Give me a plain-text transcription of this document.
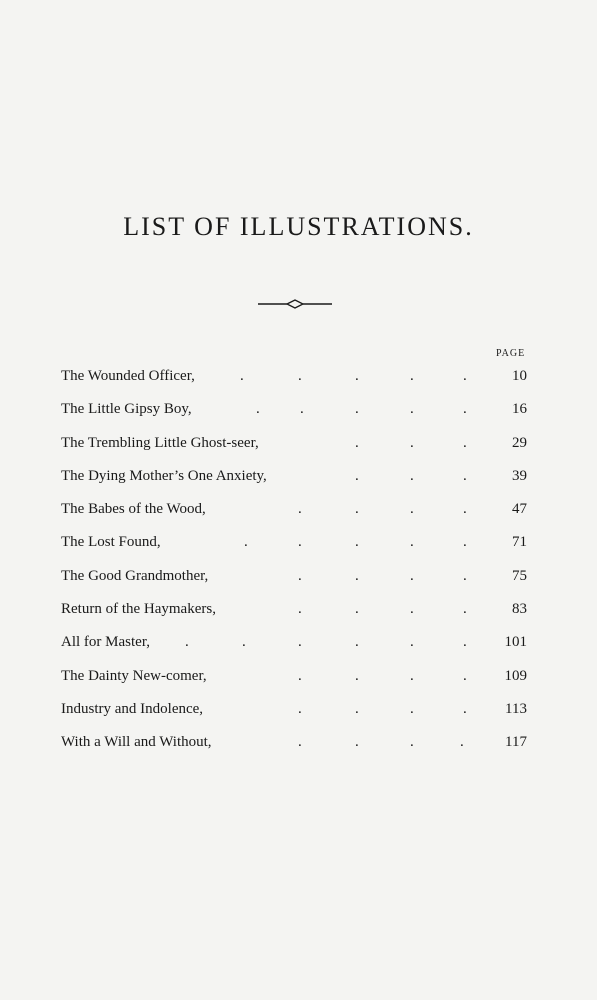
LIST OF ILLUSTRATIONS.
PAGE
The Wounded Officer,	.	.	.	.	.	10
The Little Gipsy Boy,	.	.	.	.	.	16
The Trembling Little Ghost-seer,	.	.	.	29
The Dying Mother’s One Anxiety,	.	.	.	39
The Babes of the Wood,	.	.	.	.	47
The Lost Found,	.	.	.	.	.	71
The Good Grandmother,	.	.	.	.	75
Return of the Haymakers,	.	.	.	.	83
All for Master, .	.	.	.	.	.	101
The Dainty New-comer,	.	.	.	.	109
Industry and Indolence,	.	.	.	.	113
With a Will and Without,	.	.	.	.	117
